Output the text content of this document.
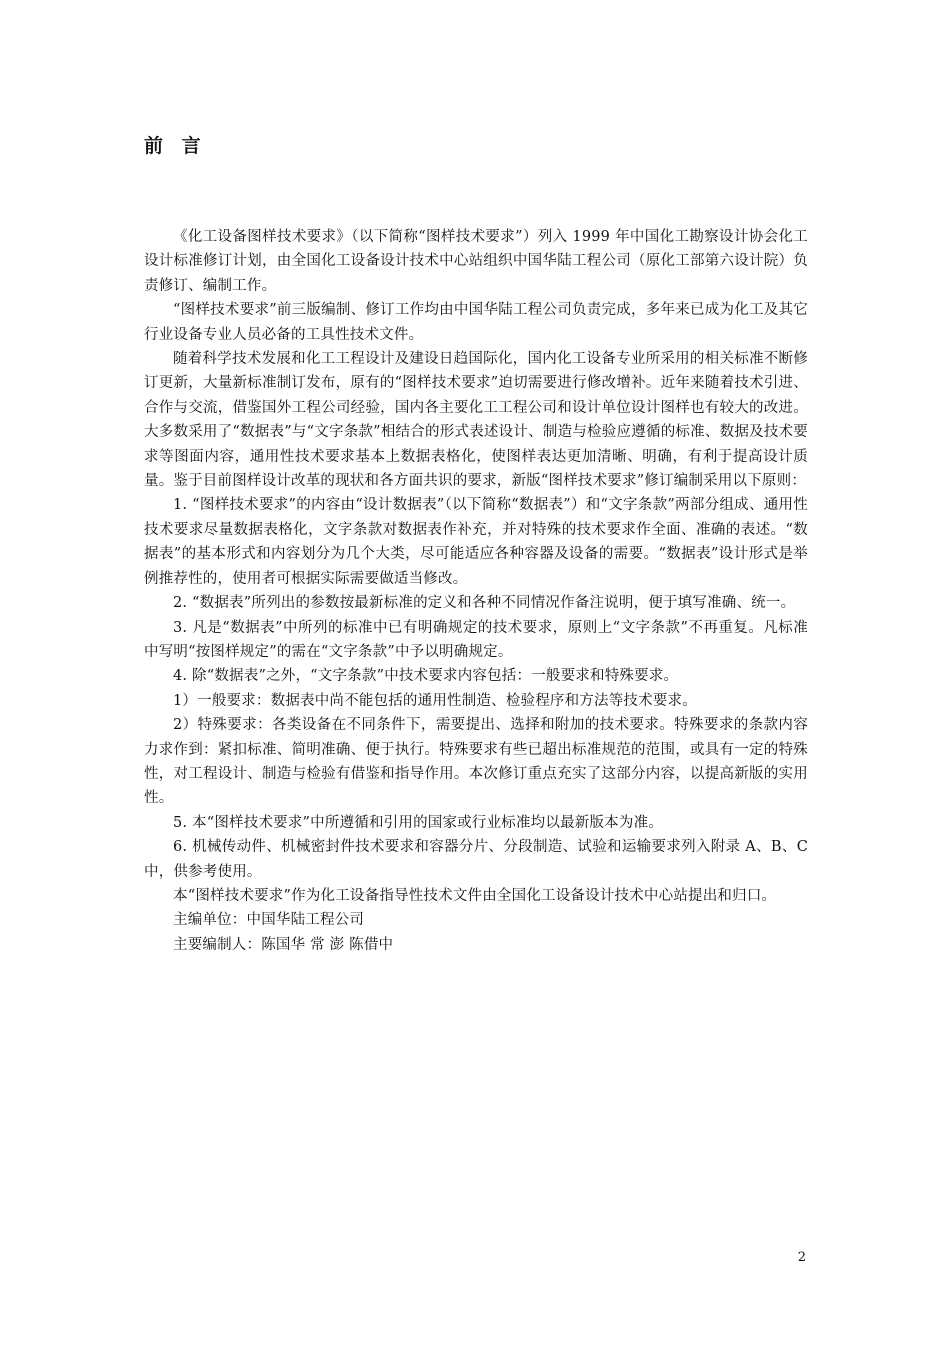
前 言

《化工设备图样技术要求》（以下简称“图样技术要求”）列入 1999 年中国化工勘察设计协会化工设计标准修订计划，由全国化工设备设计技术中心站组织中国华陆工程公司（原化工部第六设计院）负责修订、编制工作。

“图样技术要求”前三版编制、修订工作均由中国华陆工程公司负责完成，多年来已成为化工及其它行业设备专业人员必备的工具性技术文件。

随着科学技术发展和化工工程设计及建设日趋国际化，国内化工设备专业所采用的相关标准不断修订更新，大量新标准制订发布，原有的“图样技术要求”迫切需要进行修改增补。近年来随着技术引进、合作与交流，借鉴国外工程公司经验，国内各主要化工工程公司和设计单位设计图样也有较大的改进。大多数采用了“数据表”与“文字条款”相结合的形式表述设计、制造与检验应遵循的标准、数据及技术要求等图面内容，通用性技术要求基本上数据表格化，使图样表达更加清晰、明确，有利于提高设计质量。鉴于目前图样设计改革的现状和各方面共识的要求，新版“图样技术要求”修订编制采用以下原则：

1. “图样技术要求”的内容由“设计数据表”（以下简称“数据表”）和“文字条款”两部分组成、通用性技术要求尽量数据表格化，文字条款对数据表作补充，并对特殊的技术要求作全面、准确的表述。“数据表”的基本形式和内容划分为几个大类，尽可能适应各种容器及设备的需要。“数据表”设计形式是举例推荐性的，使用者可根据实际需要做适当修改。

2. “数据表”所列出的参数按最新标准的定义和各种不同情况作备注说明，便于填写准确、统一。

3. 凡是“数据表”中所列的标准中已有明确规定的技术要求，原则上“文字条款”不再重复。凡标准中写明“按图样规定”的需在“文字条款”中予以明确规定。

4. 除“数据表”之外，“文字条款”中技术要求内容包括：一般要求和特殊要求。

1）一般要求：数据表中尚不能包括的通用性制造、检验程序和方法等技术要求。

2）特殊要求：各类设备在不同条件下，需要提出、选择和附加的技术要求。特殊要求的条款内容力求作到：紧扣标准、简明准确、便于执行。特殊要求有些已超出标准规范的范围，或具有一定的特殊性，对工程设计、制造与检验有借鉴和指导作用。本次修订重点充实了这部分内容，以提高新版的实用性。

5. 本“图样技术要求”中所遵循和引用的国家或行业标准均以最新版本为准。

6. 机械传动件、机械密封件技术要求和容器分片、分段制造、试验和运输要求列入附录 A、B、C 中，供参考使用。

本“图样技术要求”作为化工设备指导性技术文件由全国化工设备设计技术中心站提出和归口。

主编单位：中国华陆工程公司

主要编制人：陈国华 常 澎 陈借中

2
